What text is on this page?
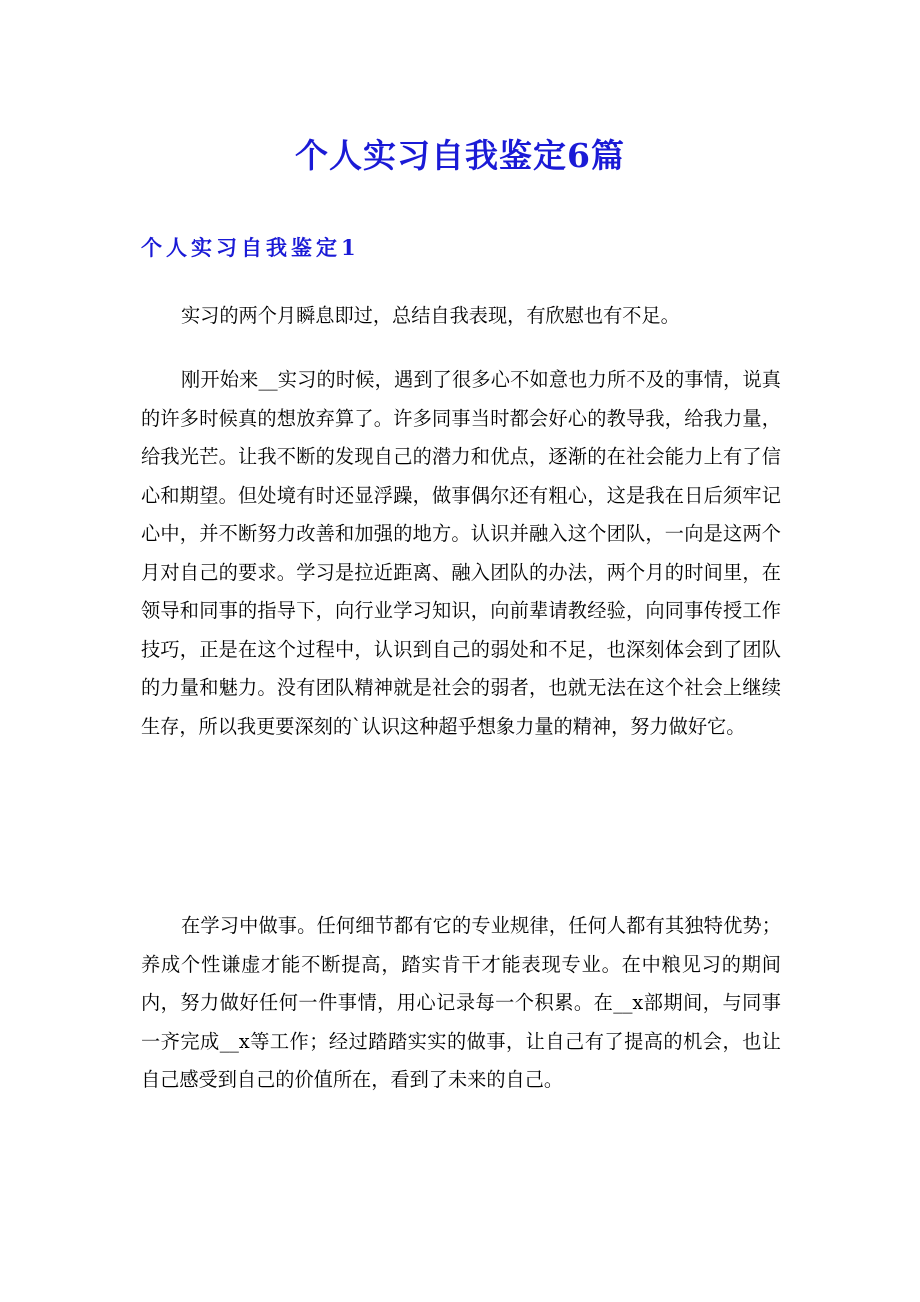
个人实习自我鉴定6篇
个人实习自我鉴定1

实习的两个月瞬息即过，总结自我表现，有欣慰也有不足。

刚开始来__实习的时候，遇到了很多心不如意也力所不及的事情，说真的许多时候真的想放弃算了。许多同事当时都会好心的教导我，给我力量，给我光芒。让我不断的发现自己的潜力和优点，逐渐的在社会能力上有了信心和期望。但处境有时还显浮躁，做事偶尔还有粗心，这是我在日后须牢记心中，并不断努力改善和加强的地方。认识并融入这个团队，一向是这两个月对自己的要求。学习是拉近距离、融入团队的办法，两个月的时间里，在领导和同事的指导下，向行业学习知识，向前辈请教经验，向同事传授工作技巧，正是在这个过程中，认识到自己的弱处和不足，也深刻体会到了团队的力量和魅力。没有团队精神就是社会的弱者，也就无法在这个社会上继续生存，所以我更要深刻的`认识这种超乎想象力量的精神，努力做好它。

在学习中做事。任何细节都有它的专业规律，任何人都有其独特优势；养成个性谦虚才能不断提高，踏实肯干才能表现专业。在中粮见习的期间内，努力做好任何一件事情，用心记录每一个积累。在__x部期间，与同事一齐完成__x等工作；经过踏踏实实的做事，让自己有了提高的机会，也让自己感受到自己的价值所在，看到了未来的自己。
